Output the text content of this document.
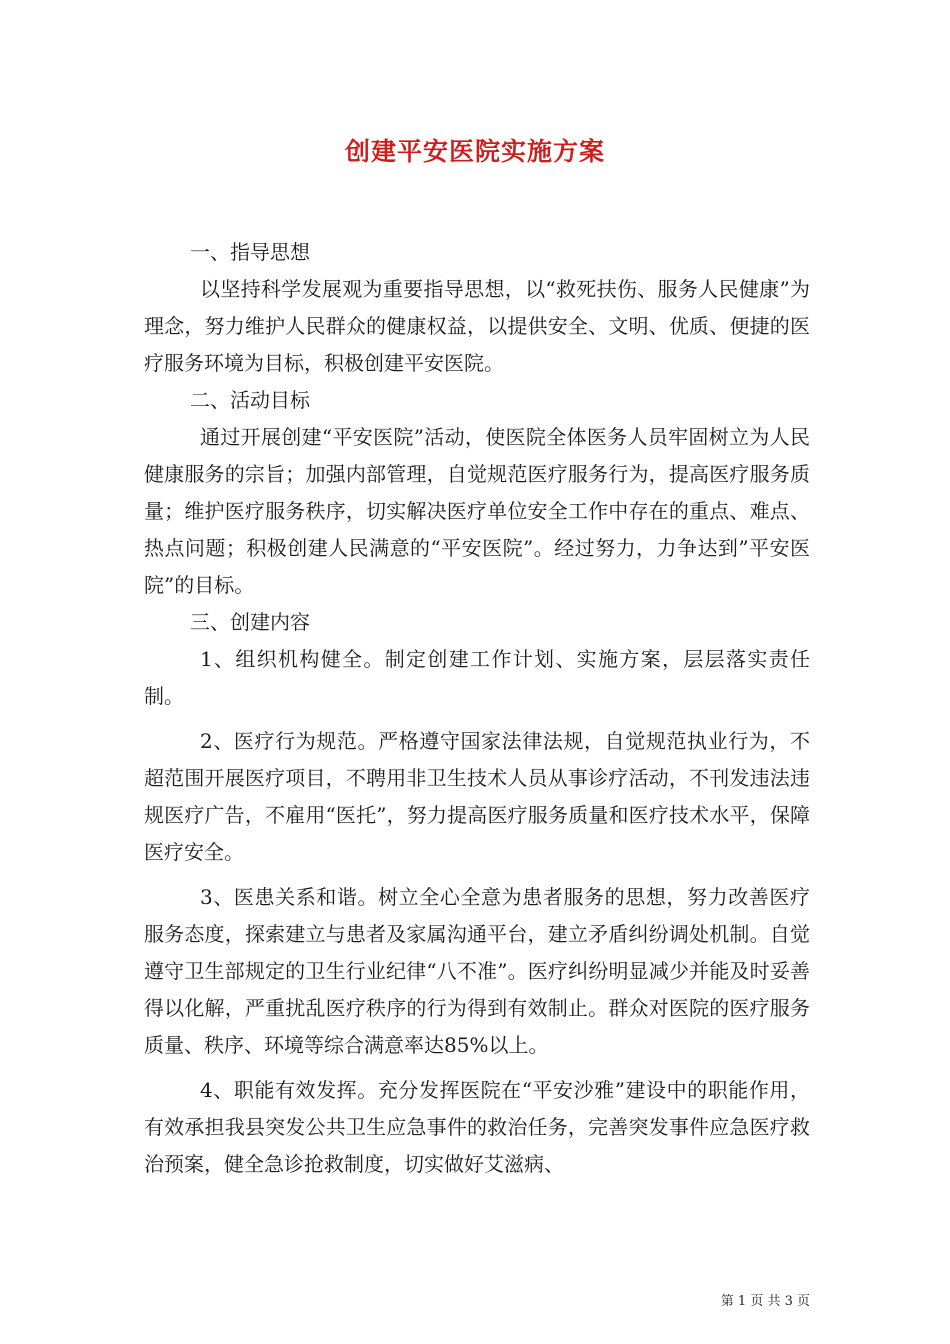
创建平安医院实施方案

一、指导思想

以坚持科学发展观为重要指导思想，以“救死扶伤、服务人民健康”为理念，努力维护人民群众的健康权益，以提供安全、文明、优质、便捷的医疗服务环境为目标，积极创建平安医院。

二、活动目标

通过开展创建“平安医院”活动，使医院全体医务人员牢固树立为人民健康服务的宗旨；加强内部管理，自觉规范医疗服务行为，提高医疗服务质量；维护医疗服务秩序，切实解决医疗单位安全工作中存在的重点、难点、热点问题；积极创建人民满意的“平安医院”。经过努力，力争达到”平安医院”的目标。

三、创建内容

1、组织机构健全。制定创建工作计划、实施方案，层层落实责任制。

2、医疗行为规范。严格遵守国家法律法规，自觉规范执业行为，不超范围开展医疗项目，不聘用非卫生技术人员从事诊疗活动，不刊发违法违规医疗广告，不雇用“医托”，努力提高医疗服务质量和医疗技术水平，保障医疗安全。

3、医患关系和谐。树立全心全意为患者服务的思想，努力改善医疗服务态度，探索建立与患者及家属沟通平台，建立矛盾纠纷调处机制。自觉遵守卫生部规定的卫生行业纪律“八不准”。医疗纠纷明显减少并能及时妥善得以化解，严重扰乱医疗秩序的行为得到有效制止。群众对医院的医疗服务质量、秩序、环境等综合满意率达85%以上。

4、职能有效发挥。充分发挥医院在“平安沙雅”建设中的职能作用，有效承担我县突发公共卫生应急事件的救治任务，完善突发事件应急医疗救治预案，健全急诊抢救制度，切实做好艾滋病、

第 1 页 共 3 页
